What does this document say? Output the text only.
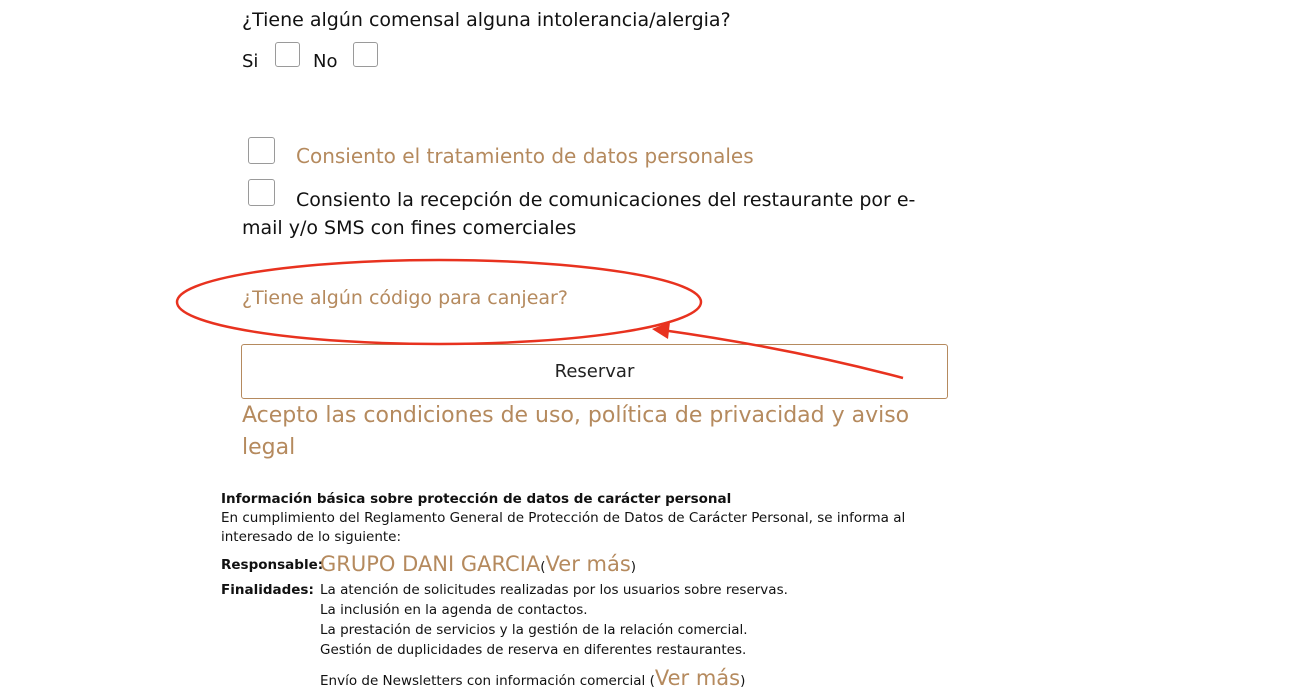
¿Tiene algún comensal alguna intolerancia/alergia?
Si	No
Consiento el tratamiento de datos personales
Consiento la recepción de comunicaciones del restaurante por e-mail y/o SMS con fines comerciales
¿Tiene algún código para canjear?
Reservar
Acepto las condiciones de uso, política de privacidad y aviso legal
Información básica sobre protección de datos de carácter personal
En cumplimiento del Reglamento General de Protección de Datos de Carácter Personal, se informa al interesado de lo siguiente:
Responsable:
GRUPO DANI GARCIA(Ver más)
Finalidades: La atención de solicitudes realizadas por los usuarios sobre reservas.
La inclusión en la agenda de contactos.
La prestación de servicios y la gestión de la relación comercial.
Gestión de duplicidades de reserva en diferentes restaurantes.
Envío de Newsletters con información comercial (Ver más)
